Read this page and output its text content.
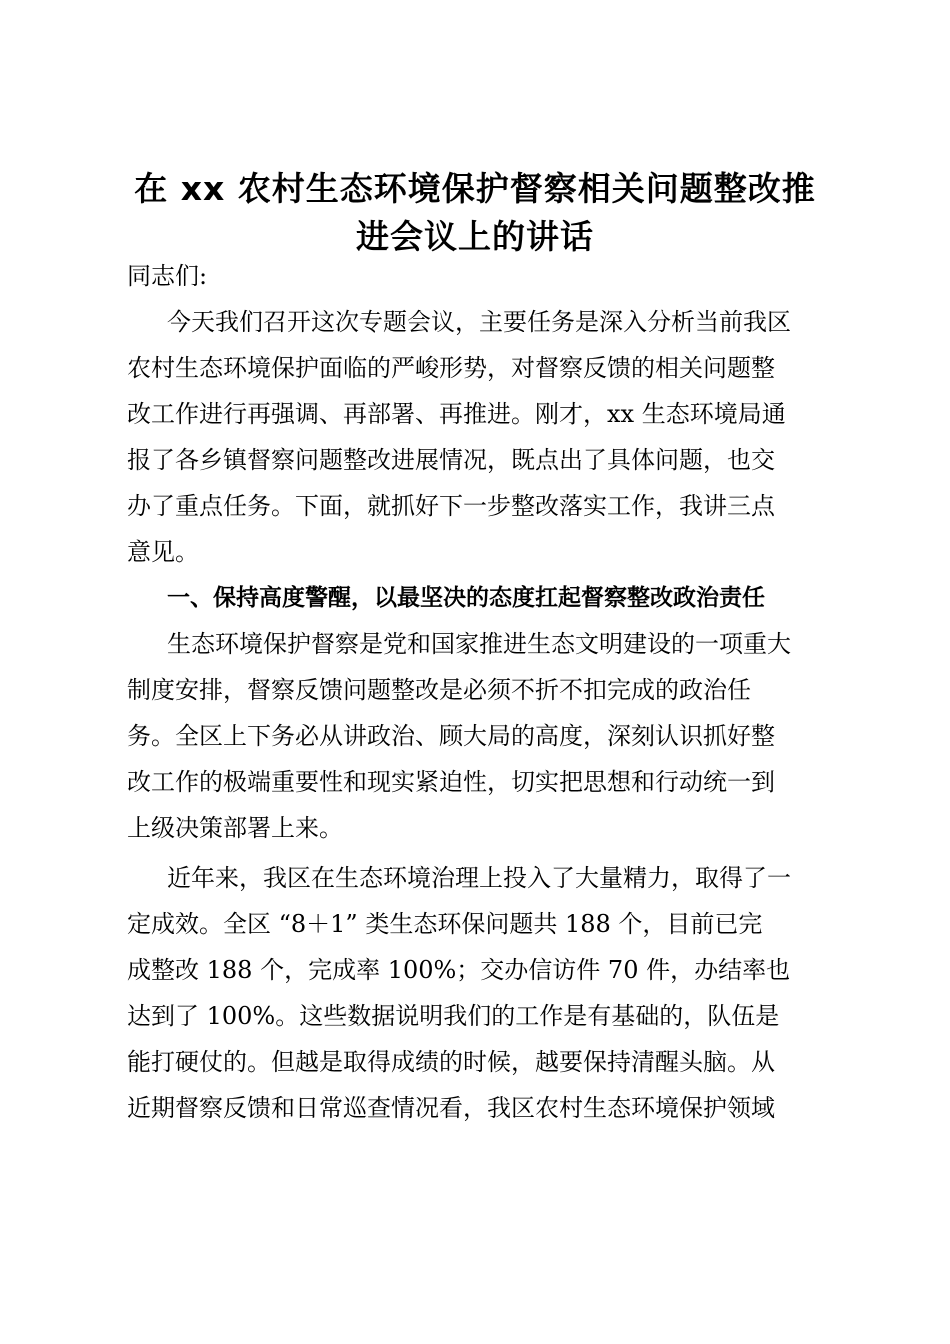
在 xx 农村生态环境保护督察相关问题整改推
进会议上的讲话

同志们:

今天我们召开这次专题会议，主要任务是深入分析当前我区

农村生态环境保护面临的严峻形势，对督察反馈的相关问题整
改工作进行再强调、再部署、再推进。刚才，xx 生态环境局通
报了各乡镇督察问题整改进展情况，既点出了具体问题，也交
办了重点任务。下面，就抓好下一步整改落实工作，我讲三点
意见。

一、保持高度警醒，以最坚决的态度扛起督察整改政治责任

生态环境保护督察是党和国家推进生态文明建设的一项重大

制度安排，督察反馈问题整改是必须不折不扣完成的政治任
务。全区上下务必从讲政治、顾大局的高度，深刻认识抓好整
改工作的极端重要性和现实紧迫性，切实把思想和行动统一到
上级决策部署上来。

近年来，我区在生态环境治理上投入了大量精力，取得了一

定成效。全区 “8＋1” 类生态环保问题共 188 个，目前已完
成整改 188 个，完成率 100%；交办信访件 70 件，办结率也
达到了 100%。这些数据说明我们的工作是有基础的，队伍是
能打硬仗的。但越是取得成绩的时候，越要保持清醒头脑。从
近期督察反馈和日常巡查情况看，我区农村生态环境保护领域
